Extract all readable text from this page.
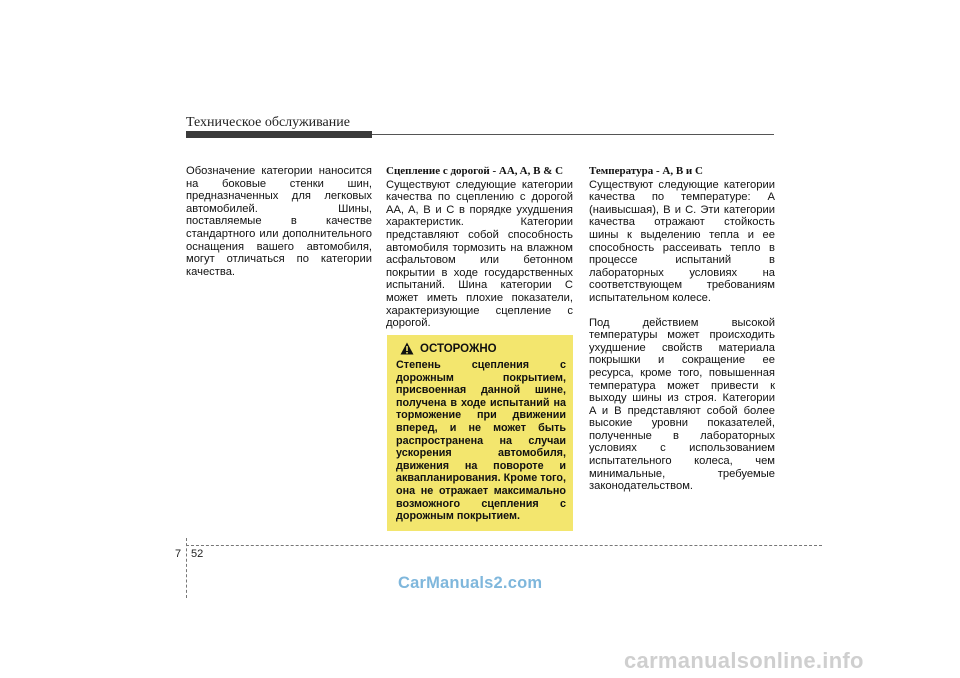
Техническое обслуживание

Обозначение категории наносится на боковые стенки шин, предназначенных для легковых автомобилей. Шины, поставляемые в качестве стандартного или дополнительного оснащения вашего автомобиля, могут отличаться по категории качества.

Сцепление с дорогой - AA, A, B & C

Существуют следующие категории качества по сцеплению с дорогой AA, A, B и C в порядке ухудшения характеристик. Категории представляют собой способность автомобиля тормозить на влажном асфальтовом или бетонном покрытии в ходе государственных испытаний. Шина категории C может иметь плохие показатели, характеризующие сцепление с дорогой.

ОСТОРОЖНО
Степень сцепления с дорожным покрытием, присвоенная данной шине, получена в ходе испытаний на торможение при движении вперед, и не может быть распространена на случаи ускорения автомобиля, движения на повороте и аквапланирования. Кроме того, она не отражает максимально возможного сцепления с дорожным покрытием.
Температура - A, B и C

Существуют следующие категории качества по температуре: A (наивысшая), B и C. Эти категории качества отражают стойкость шины к выделению тепла и ее способность рассеивать тепло в процессе испытаний в лабораторных условиях на соответствующем требованиям испытательном колесе.

Под действием высокой температуры может происходить ухудшение свойств материала покрышки и сокращение ее ресурса, кроме того, повышенная температура может привести к выходу шины из строя. Категории A и B представляют собой более высокие уровни показателей, полученные в лабораторных условиях с использованием испытательного колеса, чем минимальные, требуемые законодательством.

7 52
CarManuals2.com
carmanualsonline.info
